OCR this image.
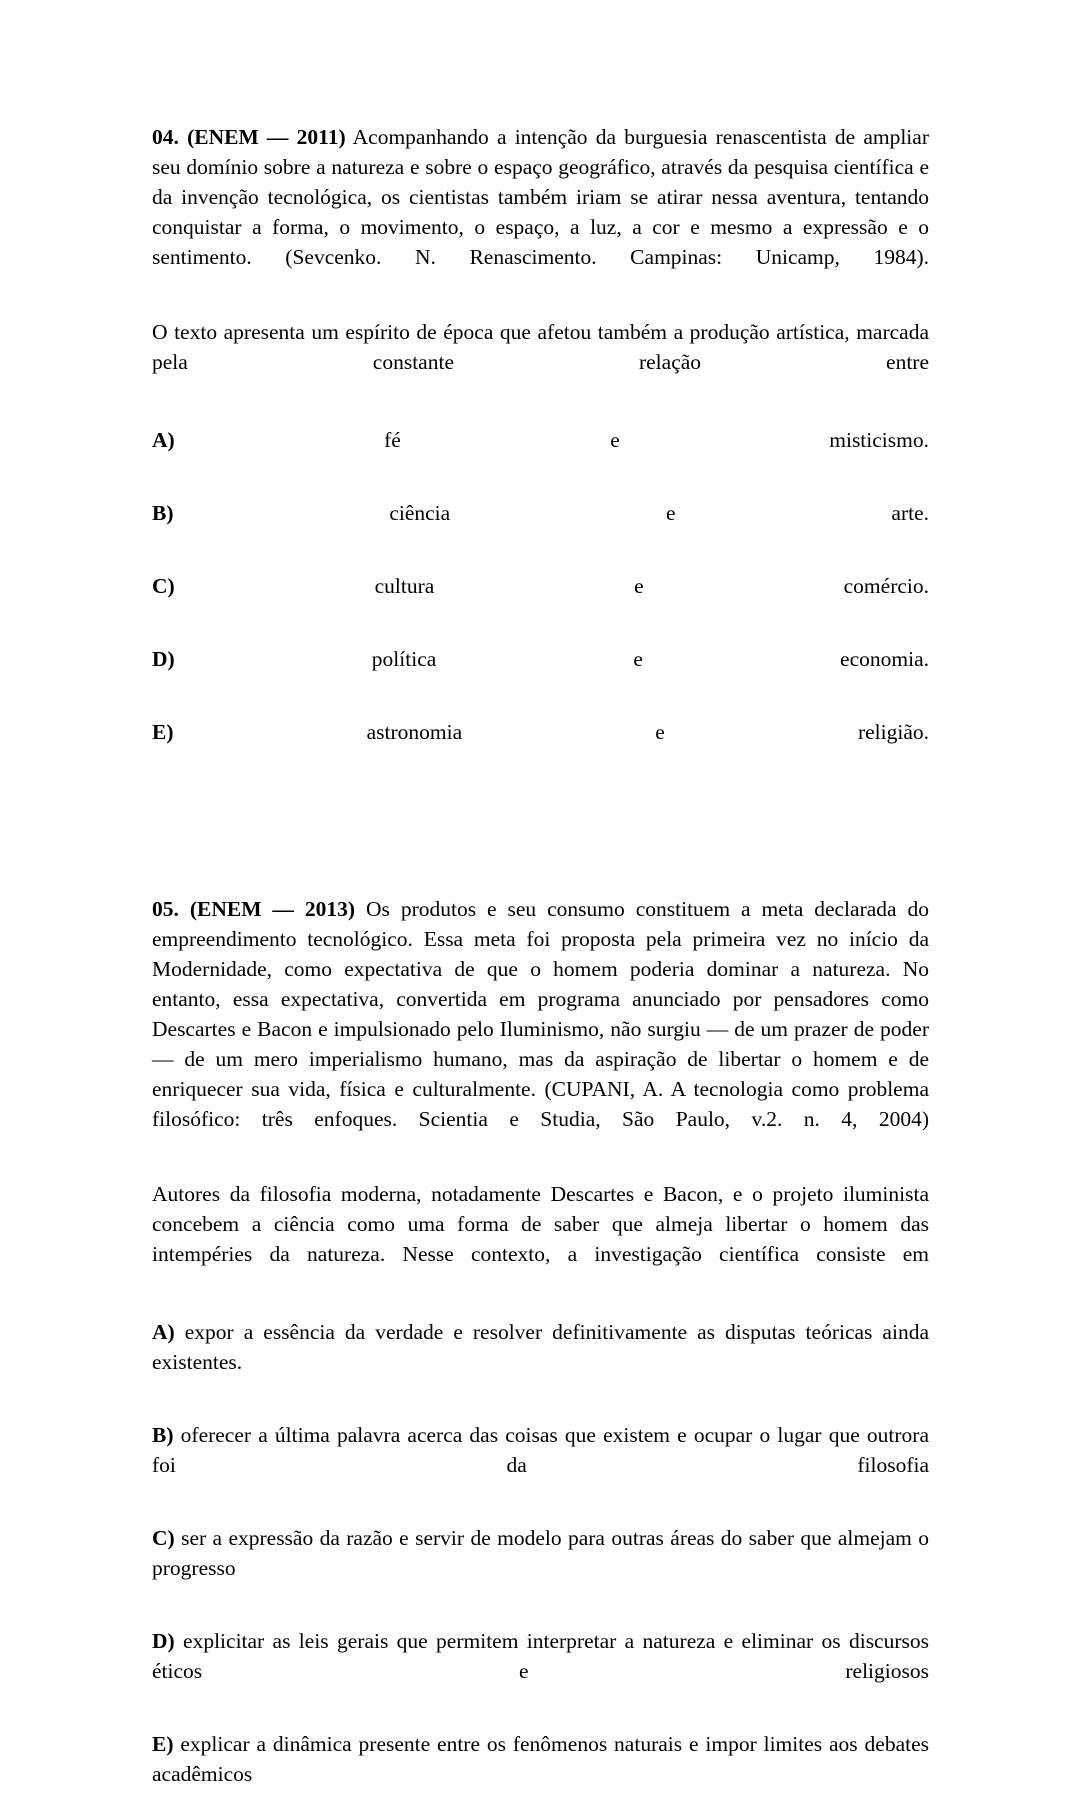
04. (ENEM — 2011) Acompanhando a intenção da burguesia renascentista de ampliar seu domínio sobre a natureza e sobre o espaço geográfico, através da pesquisa científica e da invenção tecnológica, os cientistas também iriam se atirar nessa aventura, tentando conquistar a forma, o movimento, o espaço, a luz, a cor e mesmo a expressão e o sentimento. (Sevcenko. N. Renascimento. Campinas: Unicamp, 1984).

O texto apresenta um espírito de época que afetou também a produção artística, marcada pela constante relação entre

A)	fé e misticismo.

B)	ciência e arte.

C)	cultura e comércio.

D)	política e economia.

E)	astronomia e religião.

05. (ENEM — 2013) Os produtos e seu consumo constituem a meta declarada do empreendimento tecnológico. Essa meta foi proposta pela primeira vez no início da Modernidade, como expectativa de que o homem poderia dominar a natureza. No entanto, essa expectativa, convertida em programa anunciado por pensadores como Descartes e Bacon e impulsionado pelo Iluminismo, não surgiu — de um prazer de poder — de um mero imperialismo humano, mas da aspiração de libertar o homem e de enriquecer sua vida, física e culturalmente. (CUPANI, A. A tecnologia como problema filosófico: três enfoques. Scientia e Studia, São Paulo, v.2. n. 4, 2004)

Autores da filosofia moderna, notadamente Descartes e Bacon, e o projeto iluminista concebem a ciência como uma forma de saber que almeja libertar o homem das intempéries da natureza. Nesse contexto, a investigação científica consiste em

A) expor a essência da verdade e resolver definitivamente as disputas teóricas ainda existentes.

B) oferecer a última palavra acerca das coisas que existem e ocupar o lugar que outrora foi da filosofia

C) ser a expressão da razão e servir de modelo para outras áreas do saber que almejam o progresso

D) explicitar as leis gerais que permitem interpretar a natureza e eliminar os discursos éticos e religiosos

E) explicar a dinâmica presente entre os fenômenos naturais e impor limites aos debates acadêmicos
